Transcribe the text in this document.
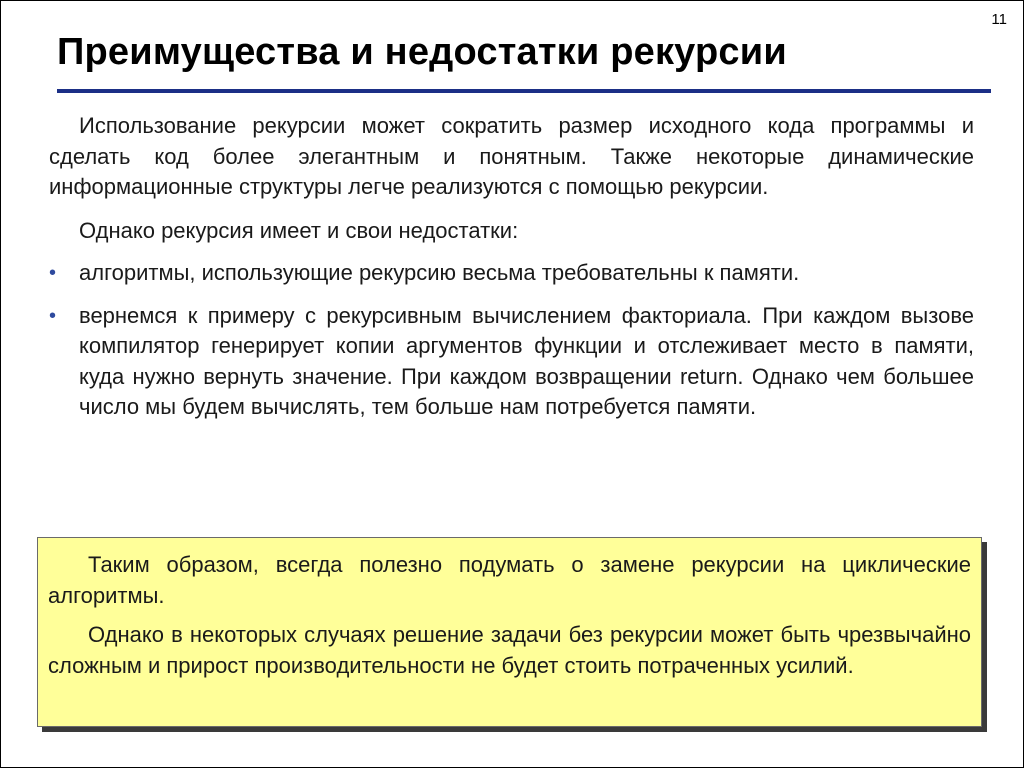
11
Преимущества и недостатки рекурсии

Использование рекурсии может сократить размер исходного кода программы и сделать код более элегантным и понятным. Также некоторые динамические информационные структуры легче реализуются с помощью рекурсии.

Однако рекурсия имеет и свои недостатки:

• алгоритмы, использующие рекурсию весьма требовательны к памяти.
• вернемся к примеру с рекурсивным вычислением факториала. При каждом вызове компилятор генерирует копии аргументов функции и отслеживает место в памяти, куда нужно вернуть значение. При каждом возвращении return. Однако чем большее число мы будем вычислять, тем больше нам потребуется памяти.

Таким образом, всегда полезно подумать о замене рекурсии на циклические алгоритмы.

Однако в некоторых случаях решение задачи без рекурсии может быть чрезвычайно сложным и прирост производительности не будет стоить потраченных усилий.
